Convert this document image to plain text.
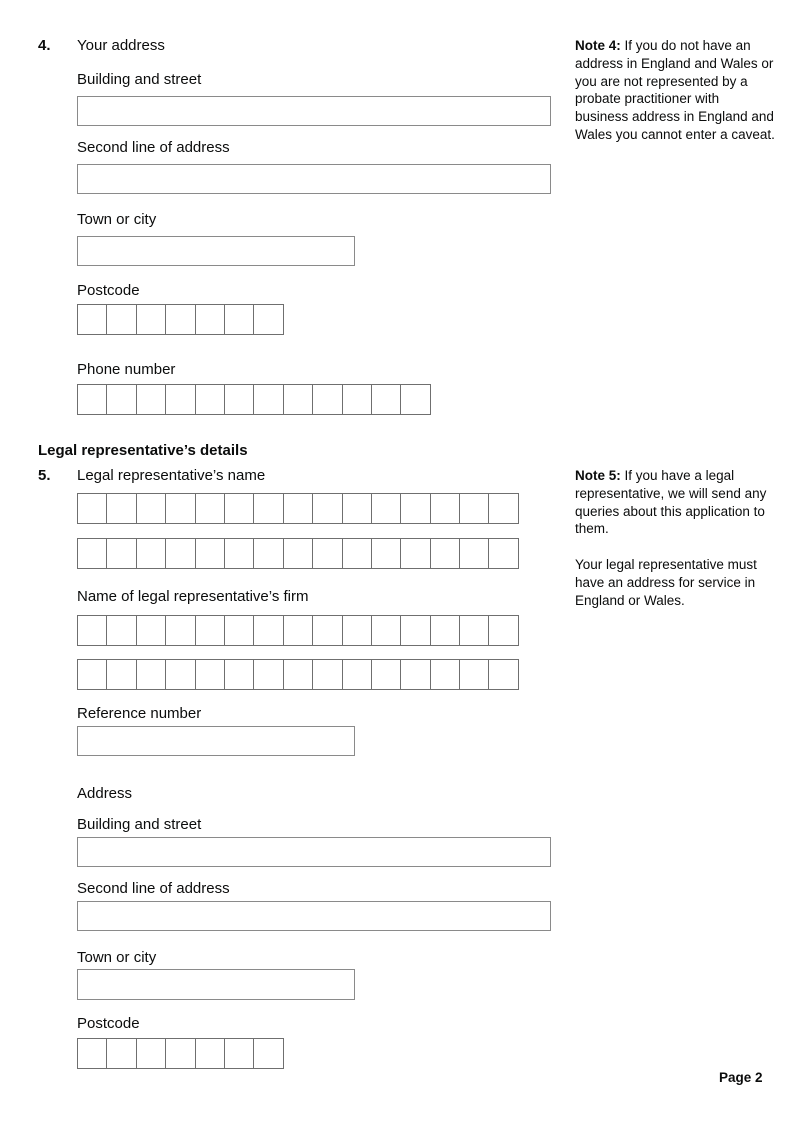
4. Your address
Building and street
Second line of address
Town or city
Postcode
Phone number
Note 4: If you do not have an address in England and Wales or you are not represented by a probate practitioner with business address in England and Wales you cannot enter a caveat.
Legal representative’s details
5. Legal representative’s name
Name of legal representative’s firm
Reference number
Address
Building and street
Second line of address
Town or city
Postcode
Note 5: If you have a legal representative, we will send any queries about this application to them.
Your legal representative must have an address for service in England or Wales.
Page 2
